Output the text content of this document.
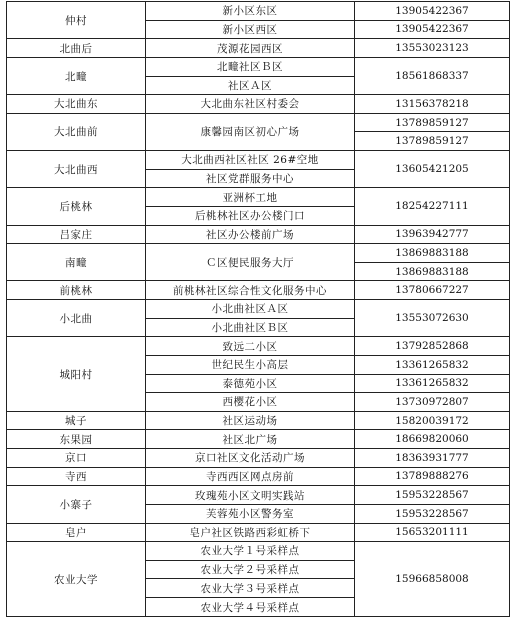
仲村	新小区东区	13905422367
	新小区西区	13905422367
北曲后	茂源花园西区	13553023123
北疃	北疃社区Ｂ区	18561868337
	社区Ａ区	
大北曲东	大北曲东社区村委会	13156378218
大北曲前	康馨园南区初心广场	13789859127
		13789859127
大北曲西	大北曲西社区社区 26#空地	13605421205
	社区党群服务中心	
后桃林	亚洲杯工地	18254227111
	后桃林社区办公楼门口	
吕家庄	社区办公楼前广场	13963942777
南疃	Ｃ区便民服务大厅	13869883188
		13869883188
前桃林	前桃林社区综合性文化服务中心	13780667227
小北曲	小北曲社区Ａ区	13553072630
	小北曲社区Ｂ区	
城阳村	致远二小区	13792852868
	世纪民生小高层	13361265832
	泰德苑小区	13361265832
	西樱花小区	13730972807
城子	社区运动场	15820039172
东果园	社区北广场	18669820060
京口	京口社区文化活动广场	18363931777
寺西	寺西西区网点房前	13789888276
小寨子	玫瑰苑小区文明实践站	15953228567
	芙蓉苑小区警务室	15953228567
皂户	皂户社区铁路西彩虹桥下	15653201111
农业大学	农业大学１号采样点	15966858008
	农业大学２号采样点	
	农业大学３号采样点	
	农业大学４号采样点	
